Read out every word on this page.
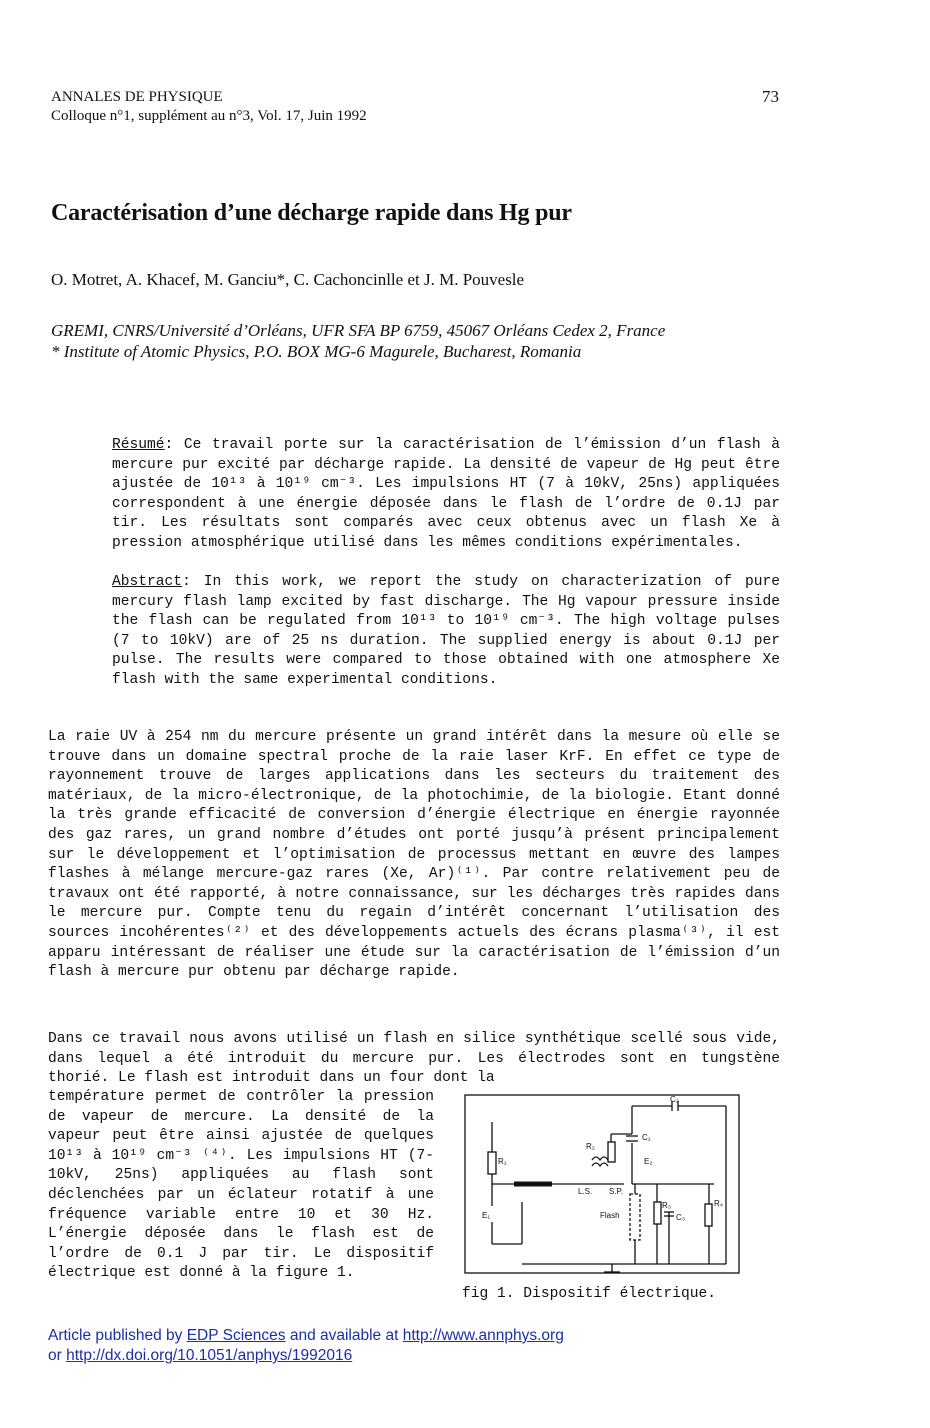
ANNALES DE PHYSIQUE
Colloque n°1, supplément au n°3, Vol. 17, Juin 1992
73
Caractérisation d’une décharge rapide dans Hg pur
O. Motret, A. Khacef, M. Ganciu*, C. Cachoncinlle et J. M. Pouvesle
GREMI, CNRS/Université d’Orléans, UFR SFA BP 6759, 45067 Orléans Cedex 2, France
* Institute of Atomic Physics, P.O. BOX MG-6 Magurele, Bucharest, Romania
Résumé: Ce travail porte sur la caractérisation de l’émission d’un flash à mercure pur excité par décharge rapide. La densité de vapeur de Hg peut être ajustée de 10¹³ à 10¹⁹ cm⁻³. Les impulsions HT (7 à 10kV, 25ns) appliquées correspondent à une énergie déposée dans le flash de l’ordre de 0.1J par tir. Les résultats sont comparés avec ceux obtenus avec un flash Xe à pression atmosphérique utilisé dans les mêmes conditions expérimentales.
Abstract: In this work, we report the study on characterization of pure mercury flash lamp excited by fast discharge. The Hg vapour pressure inside the flash can be regulated from 10¹³ to 10¹⁹ cm⁻³. The high voltage pulses (7 to 10kV) are of 25 ns duration. The supplied energy is about 0.1J per pulse. The results were compared to those obtained with one atmosphere Xe flash with the same experimental conditions.
La raie UV à 254 nm du mercure présente un grand intérêt dans la mesure où elle se trouve dans un domaine spectral proche de la raie laser KrF. En effet ce type de rayonnement trouve de larges applications dans les secteurs du traitement des matériaux, de la micro-électronique, de la photochimie, de la biologie. Etant donné la très grande efficacité de conversion d’énergie électrique en énergie rayonnée des gaz rares, un grand nombre d’études ont porté jusqu’à présent principalement sur le développement et l’optimisation de processus mettant en œuvre des lampes flashes à mélange mercure-gaz rares (Xe, Ar)⁽¹⁾. Par contre relativement peu de travaux ont été rapporté, à notre connaissance, sur les décharges très rapides dans le mercure pur. Compte tenu du regain d’intérêt concernant l’utilisation des sources incohérentes⁽²⁾ et des développements actuels des écrans plasma⁽³⁾, il est apparu intéressant de réaliser une étude sur la caractérisation de l’émission d’un flash à mercure pur obtenu par décharge rapide.
Dans ce travail nous avons utilisé un flash en silice synthétique scellé sous vide, dans lequel a été introduit du mercure pur. Les électrodes sont en tungstène thorié. Le flash est introduit dans un four dont la
température permet de contrôler la pression de vapeur de mercure. La densité de la vapeur peut être ainsi ajustée de quelques 10¹³ à 10¹⁹ cm⁻³ ⁽⁴⁾. Les impulsions HT (7-10kV, 25ns) appliquées au flash sont déclenchées par un éclateur rotatif à une fréquence variable entre 10 et 30 Hz. L’énergie déposée dans le flash est de l’ordre de 0.1 J par tir. Le dispositif électrique est donné à la figure 1.
C₂
C₁
R₁
R₂
E₁
E₂
L.S. S.P.
Flash
R₃
C₃
R₄
fig 1. Dispositif électrique.
Article published by EDP Sciences and available at http://www.annphys.org
or http://dx.doi.org/10.1051/anphys/1992016
